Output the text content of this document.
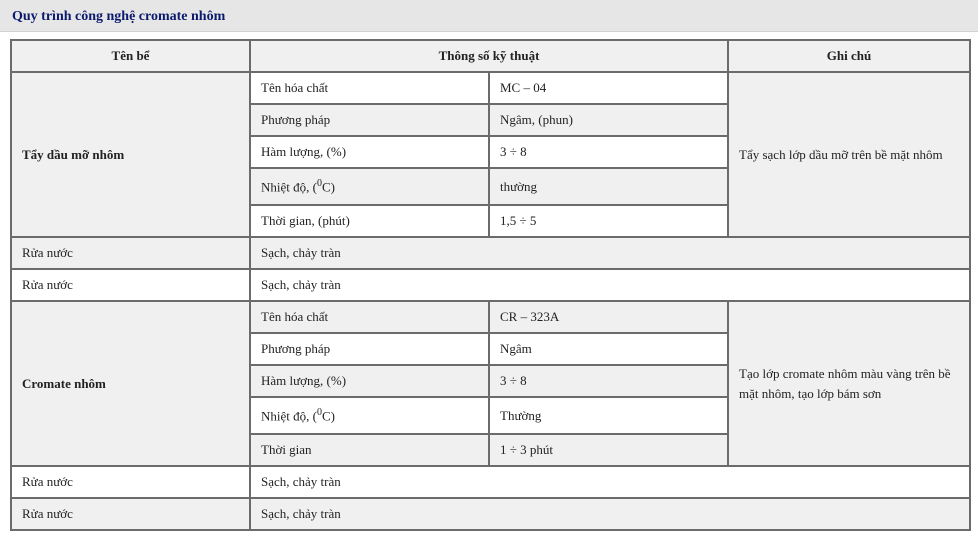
Quy trình công nghệ cromate nhôm
Tên bể	Thông số kỹ thuật		Ghi chú
Tẩy dầu mỡ nhôm	Tên hóa chất	MC – 04	Tẩy sạch lớp dầu mỡ trên bề mặt nhôm
	Phương pháp	Ngâm, (phun)	
	Hàm lượng, (%)	3 ÷ 8	
	Nhiệt độ, ($^0$C)	thường	
	Thời gian, (phút)	1,5 ÷ 5	
Rửa nước	Sạch, chảy tràn		
Rửa nước	Sạch, chảy tràn		
Cromate nhôm	Tên hóa chất	CR – 323A	Tạo lớp cromate nhôm màu vàng trên bề mặt nhôm, tạo lớp bám sơn
	Phương pháp	Ngâm	
	Hàm lượng, (%)	3 ÷ 8	
	Nhiệt độ, ($^0$C)	Thường	
	Thời gian	1 ÷ 3 phút	
Rửa nước	Sạch, chảy tràn		
Rửa nước	Sạch, chảy tràn		
